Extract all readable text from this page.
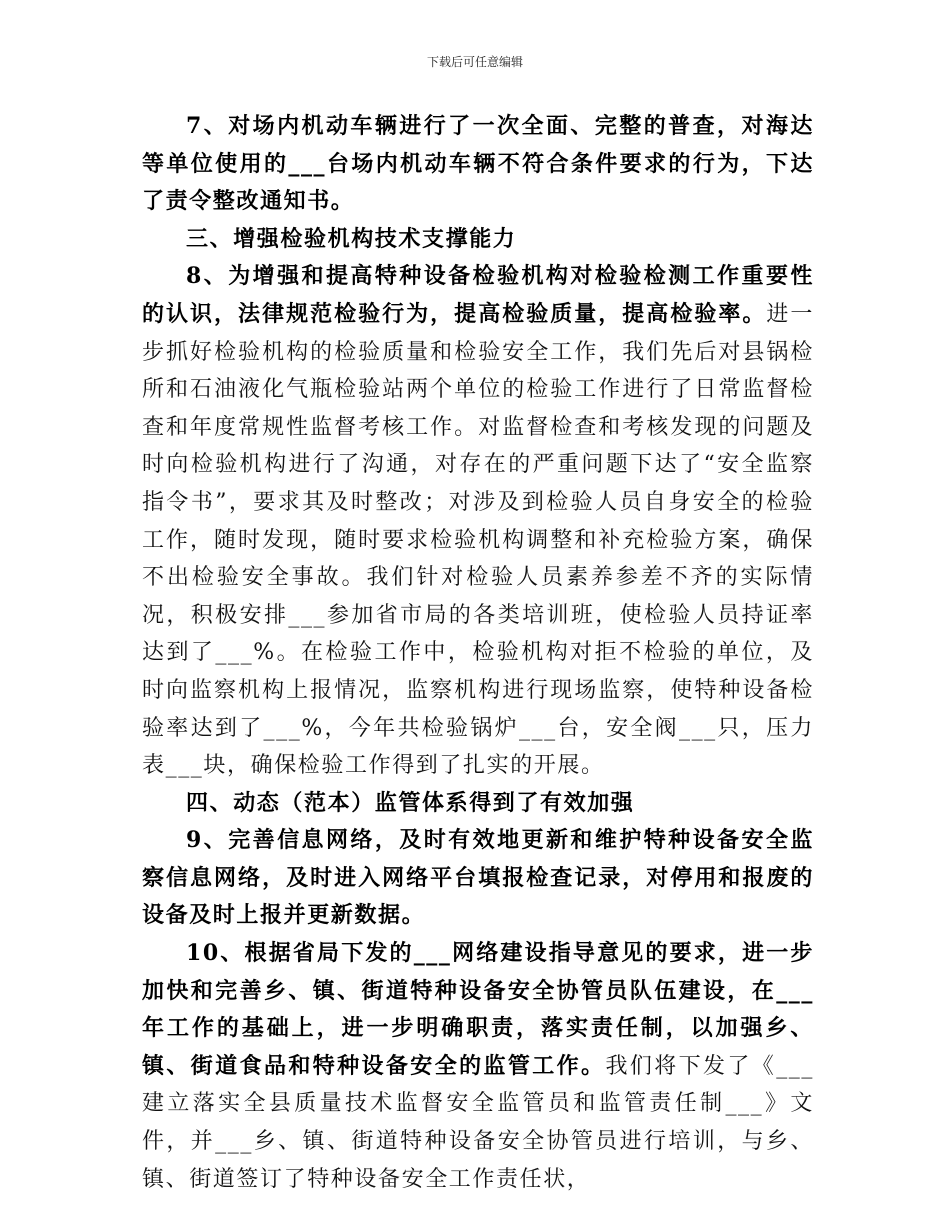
下载后可任意编辑

7、对场内机动车辆进行了一次全面、完整的普查，对海达等单位使用的___台场内机动车辆不符合条件要求的行为，下达了责令整改通知书。

三、增强检验机构技术支撑能力

8、为增强和提高特种设备检验机构对检验检测工作重要性的认识，法律规范检验行为，提高检验质量，提高检验率。进一步抓好检验机构的检验质量和检验安全工作，我们先后对县锅检所和石油液化气瓶检验站两个单位的检验工作进行了日常监督检查和年度常规性监督考核工作。对监督检查和考核发现的问题及时向检验机构进行了沟通，对存在的严重问题下达了“安全监察指令书”，要求其及时整改；对涉及到检验人员自身安全的检验工作，随时发现，随时要求检验机构调整和补充检验方案，确保不出检验安全事故。我们针对检验人员素养参差不齐的实际情况，积极安排___参加省市局的各类培训班，使检验人员持证率达到了___%。在检验工作中，检验机构对拒不检验的单位，及时向监察机构上报情况，监察机构进行现场监察，使特种设备检验率达到了___%，今年共检验锅炉___台，安全阀___只，压力表___块，确保检验工作得到了扎实的开展。

四、动态（范本）监管体系得到了有效加强

9、完善信息网络，及时有效地更新和维护特种设备安全监察信息网络，及时进入网络平台填报检查记录，对停用和报废的设备及时上报并更新数据。

10、根据省局下发的___网络建设指导意见的要求，进一步加快和完善乡、镇、街道特种设备安全协管员队伍建设，在___年工作的基础上，进一步明确职责，落实责任制，以加强乡、镇、街道食品和特种设备安全的监管工作。我们将下发了《___建立落实全县质量技术监督安全监管员和监管责任制___》文件，并___乡、镇、街道特种设备安全协管员进行培训，与乡、镇、街道签订了特种设备安全工作责任状，
